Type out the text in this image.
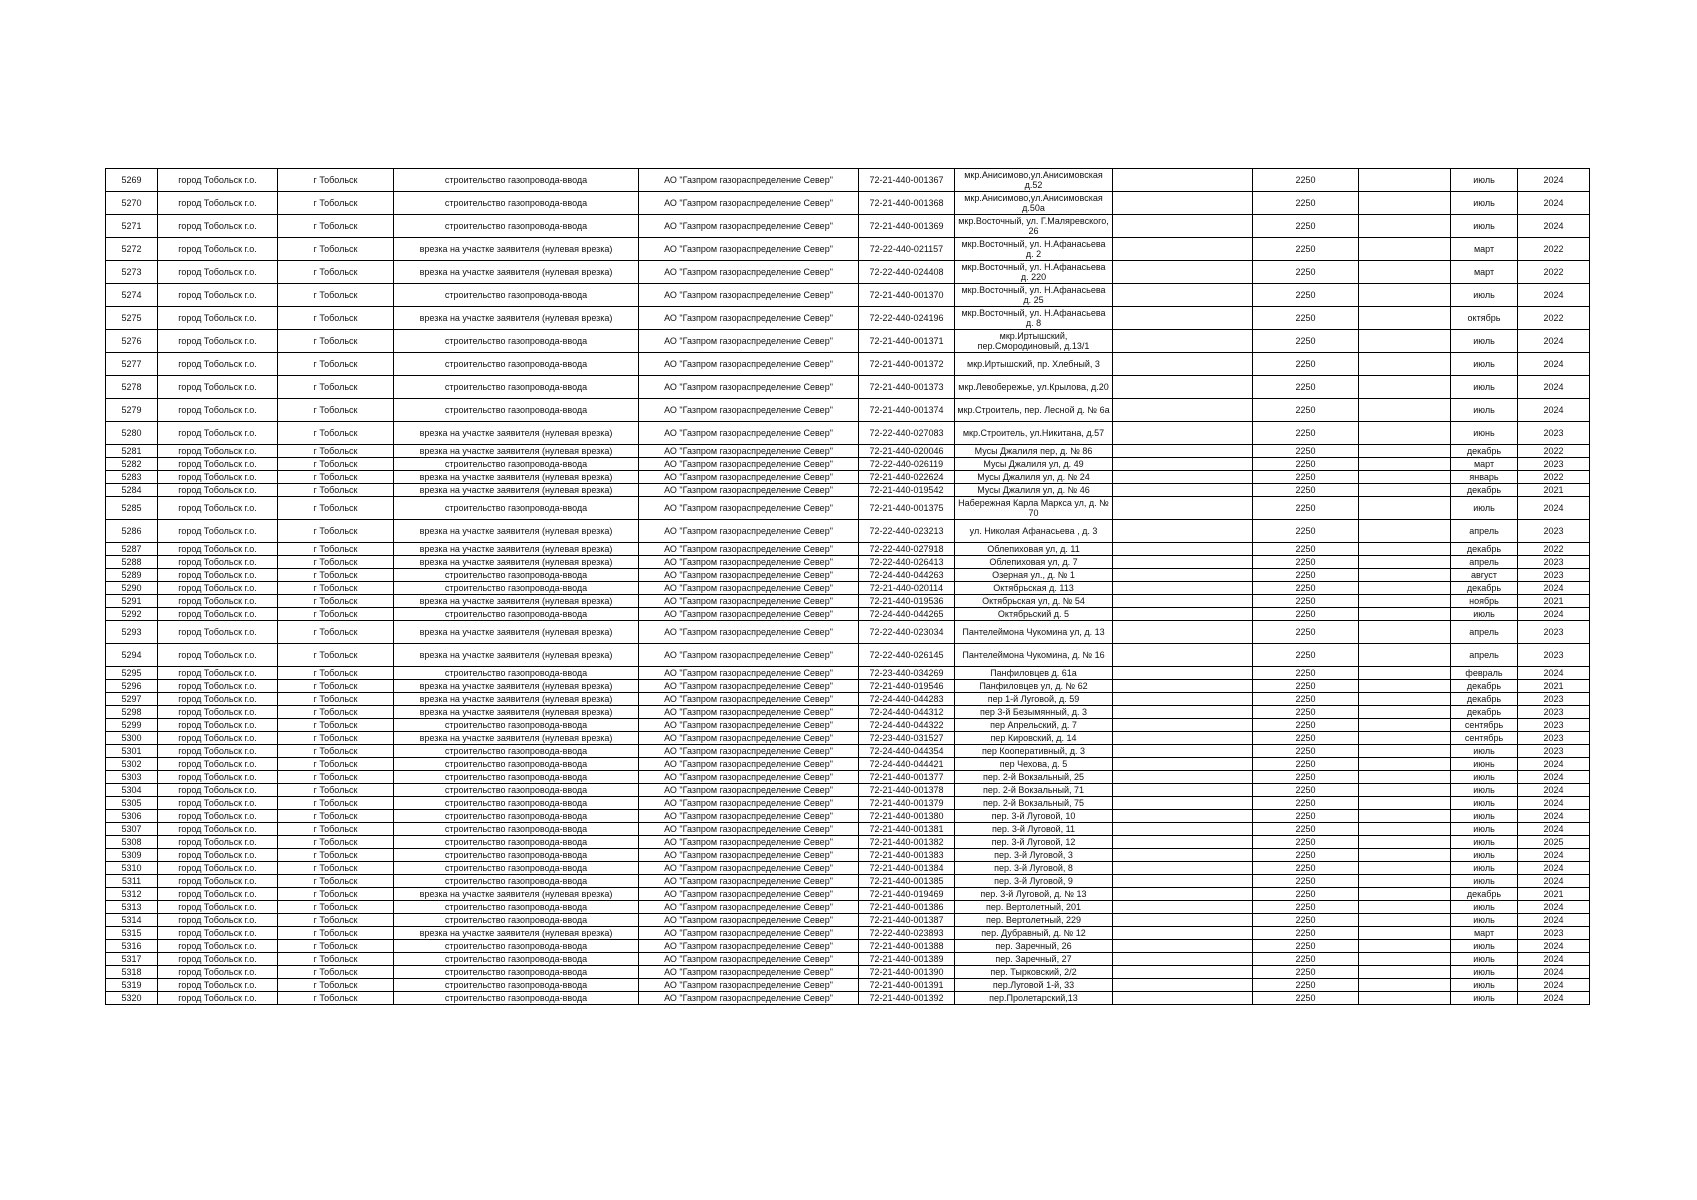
5269	город Тобольск г.о.	г Тобольск	строительство газопровода-ввода	АО "Газпром газораспределение Север"	72-21-440-001367	мкр.Анисимово,ул.Анисимовская д.52		2250		июль	2024
5270	город Тобольск г.о.	г Тобольск	строительство газопровода-ввода	АО "Газпром газораспределение Север"	72-21-440-001368	мкр.Анисимово,ул.Анисимовская д.50а		2250		июль	2024
5271	город Тобольск г.о.	г Тобольск	строительство газопровода-ввода	АО "Газпром газораспределение Север"	72-21-440-001369	мкр.Восточный, ул. Г.Малярeвского, 26		2250		июль	2024
5272	город Тобольск г.о.	г Тобольск	врезка на участке заявителя (нулевая врезка)	АО "Газпром газораспределение Север"	72-22-440-021157	мкр.Восточный, ул. Н.Афанасьева д. 2		2250		март	2022
5273	город Тобольск г.о.	г Тобольск	врезка на участке заявителя (нулевая врезка)	АО "Газпром газораспределение Север"	72-22-440-024408	мкр.Восточный, ул. Н.Афанасьева д. 220		2250		март	2022
5274	город Тобольск г.о.	г Тобольск	строительство газопровода-ввода	АО "Газпром газораспределение Север"	72-21-440-001370	мкр.Восточный, ул. Н.Афанасьева д. 25		2250		июль	2024
5275	город Тобольск г.о.	г Тобольск	врезка на участке заявителя (нулевая врезка)	АО "Газпром газораспределение Север"	72-22-440-024196	мкр.Восточный, ул. Н.Афанасьева д. 8		2250		октябрь	2022
5276	город Тобольск г.о.	г Тобольск	строительство газопровода-ввода	АО "Газпром газораспределение Север"	72-21-440-001371	мкр.Иртышский, пер.Смородиновый, д.13/1		2250		июль	2024
5277	город Тобольск г.о.	г Тобольск	строительство газопровода-ввода	АО "Газпром газораспределение Север"	72-21-440-001372	мкр.Иртышский, пр. Хлебный, 3		2250		июль	2024
5278	город Тобольск г.о.	г Тобольск	строительство газопровода-ввода	АО "Газпром газораспределение Север"	72-21-440-001373	мкр.Левобережье, ул.Крылова, д.20		2250		июль	2024
5279	город Тобольск г.о.	г Тобольск	строительство газопровода-ввода	АО "Газпром газораспределение Север"	72-21-440-001374	мкр.Строитель, пер. Лесной д. № 6а		2250		июль	2024
5280	город Тобольск г.о.	г Тобольск	врезка на участке заявителя (нулевая врезка)	АО "Газпром газораспределение Север"	72-22-440-027083	мкр.Строитель, ул.Никитана, д.57		2250		июнь	2023
5281	город Тобольск г.о.	г Тобольск	врезка на участке заявителя (нулевая врезка)	АО "Газпром газораспределение Север"	72-21-440-020046	Мусы Джалиля пер, д. № 86		2250		декабрь	2022
5282	город Тобольск г.о.	г Тобольск	строительство газопровода-ввода	АО "Газпром газораспределение Север"	72-22-440-026119	Мусы Джалиля ул, д. 49		2250		март	2023
5283	город Тобольск г.о.	г Тобольск	врезка на участке заявителя (нулевая врезка)	АО "Газпром газораспределение Север"	72-21-440-022624	Мусы Джалиля ул, д. № 24		2250		январь	2022
5284	город Тобольск г.о.	г Тобольск	врезка на участке заявителя (нулевая врезка)	АО "Газпром газораспределение Север"	72-21-440-019542	Мусы Джалиля ул, д. № 46		2250		декабрь	2021
5285	город Тобольск г.о.	г Тобольск	строительство газопровода-ввода	АО "Газпром газораспределение Север"	72-21-440-001375	Набережная Карла Маркса ул, д. № 70		2250		июль	2024
5286	город Тобольск г.о.	г Тобольск	врезка на участке заявителя (нулевая врезка)	АО "Газпром газораспределение Север"	72-22-440-023213	ул. Николая Афанасьева , д. 3		2250		апрель	2023
5287	город Тобольск г.о.	г Тобольск	врезка на участке заявителя (нулевая врезка)	АО "Газпром газораспределение Север"	72-22-440-027918	Облепиховая ул, д. 11		2250		декабрь	2022
5288	город Тобольск г.о.	г Тобольск	врезка на участке заявителя (нулевая врезка)	АО "Газпром газораспределение Север"	72-22-440-026413	Облепиховая ул, д. 7		2250		апрель	2023
5289	город Тобольск г.о.	г Тобольск	строительство газопровода-ввода	АО "Газпром газораспределение Север"	72-24-440-044263	Озерная ул., д. № 1		2250		август	2023
5290	город Тобольск г.о.	г Тобольск	строительство газопровода-ввода	АО "Газпром газораспределение Север"	72-21-440-020114	Октябрьская д. 113		2250		декабрь	2024
5291	город Тобольск г.о.	г Тобольск	врезка на участке заявителя (нулевая врезка)	АО "Газпром газораспределение Север"	72-21-440-019536	Октябрьская ул, д. № 54		2250		ноябрь	2021
5292	город Тобольск г.о.	г Тобольск	строительство газопровода-ввода	АО "Газпром газораспределение Север"	72-24-440-044265	Октябрьский д. 5		2250		июль	2024
5293	город Тобольск г.о.	г Тобольск	врезка на участке заявителя (нулевая врезка)	АО "Газпром газораспределение Север"	72-22-440-023034	Пантелеймона Чукомина ул, д. 13		2250		апрель	2023
5294	город Тобольск г.о.	г Тобольск	врезка на участке заявителя (нулевая врезка)	АО "Газпром газораспределение Север"	72-22-440-026145	Пантелеймона Чукомина, д. № 16		2250		апрель	2023
5295	город Тобольск г.о.	г Тобольск	строительство газопровода-ввода	АО "Газпром газораспределение Север"	72-23-440-034269	Панфиловцев д. 61а		2250		февраль	2024
5296	город Тобольск г.о.	г Тобольск	врезка на участке заявителя (нулевая врезка)	АО "Газпром газораспределение Север"	72-21-440-019546	Панфиловцев ул, д. № 62		2250		декабрь	2021
5297	город Тобольск г.о.	г Тобольск	врезка на участке заявителя (нулевая врезка)	АО "Газпром газораспределение Север"	72-24-440-044283	пер 1-й Луговой, д. 59		2250		декабрь	2023
5298	город Тобольск г.о.	г Тобольск	врезка на участке заявителя (нулевая врезка)	АО "Газпром газораспределение Север"	72-24-440-044312	пер 3-й Безымянный, д. 3		2250		декабрь	2023
5299	город Тобольск г.о.	г Тобольск	строительство газопровода-ввода	АО "Газпром газораспределение Север"	72-24-440-044322	пер Апрельский, д. 7		2250		сентябрь	2023
5300	город Тобольск г.о.	г Тобольск	врезка на участке заявителя (нулевая врезка)	АО "Газпром газораспределение Север"	72-23-440-031527	пер Кировский, д. 14		2250		сентябрь	2023
5301	город Тобольск г.о.	г Тобольск	строительство газопровода-ввода	АО "Газпром газораспределение Север"	72-24-440-044354	пер Кооперативный, д. 3		2250		июль	2023
5302	город Тобольск г.о.	г Тобольск	строительство газопровода-ввода	АО "Газпром газораспределение Север"	72-24-440-044421	пер Чехова, д. 5		2250		июнь	2024
5303	город Тобольск г.о.	г Тобольск	строительство газопровода-ввода	АО "Газпром газораспределение Север"	72-21-440-001377	пер. 2-й Вокзальный, 25		2250		июль	2024
5304	город Тобольск г.о.	г Тобольск	строительство газопровода-ввода	АО "Газпром газораспределение Север"	72-21-440-001378	пер. 2-й Вокзальный, 71		2250		июль	2024
5305	город Тобольск г.о.	г Тобольск	строительство газопровода-ввода	АО "Газпром газораспределение Север"	72-21-440-001379	пер. 2-й Вокзальный, 75		2250		июль	2024
5306	город Тобольск г.о.	г Тобольск	строительство газопровода-ввода	АО "Газпром газораспределение Север"	72-21-440-001380	пер. 3-й Луговой, 10		2250		июль	2024
5307	город Тобольск г.о.	г Тобольск	строительство газопровода-ввода	АО "Газпром газораспределение Север"	72-21-440-001381	пер. 3-й Луговой, 11		2250		июль	2024
5308	город Тобольск г.о.	г Тобольск	строительство газопровода-ввода	АО "Газпром газораспределение Север"	72-21-440-001382	пер. 3-й Луговой, 12		2250		июль	2025
5309	город Тобольск г.о.	г Тобольск	строительство газопровода-ввода	АО "Газпром газораспределение Север"	72-21-440-001383	пер. 3-й Луговой, 3		2250		июль	2024
5310	город Тобольск г.о.	г Тобольск	строительство газопровода-ввода	АО "Газпром газораспределение Север"	72-21-440-001384	пер. 3-й Луговой, 8		2250		июль	2024
5311	город Тобольск г.о.	г Тобольск	строительство газопровода-ввода	АО "Газпром газораспределение Север"	72-21-440-001385	пер. 3-й Луговой, 9		2250		июль	2024
5312	город Тобольск г.о.	г Тобольск	врезка на участке заявителя (нулевая врезка)	АО "Газпром газораспределение Север"	72-21-440-019469	пер. 3-й Луговой, д. № 13		2250		декабрь	2021
5313	город Тобольск г.о.	г Тобольск	строительство газопровода-ввода	АО "Газпром газораспределение Север"	72-21-440-001386	пер. Вертолетный, 201		2250		июль	2024
5314	город Тобольск г.о.	г Тобольск	строительство газопровода-ввода	АО "Газпром газораспределение Север"	72-21-440-001387	пер. Вертолетный, 229		2250		июль	2024
5315	город Тобольск г.о.	г Тобольск	врезка на участке заявителя (нулевая врезка)	АО "Газпром газораспределение Север"	72-22-440-023893	пер. Дубравный, д. № 12		2250		март	2023
5316	город Тобольск г.о.	г Тобольск	строительство газопровода-ввода	АО "Газпром газораспределение Север"	72-21-440-001388	пер. Заречный, 26		2250		июль	2024
5317	город Тобольск г.о.	г Тобольск	строительство газопровода-ввода	АО "Газпром газораспределение Север"	72-21-440-001389	пер. Заречный, 27		2250		июль	2024
5318	город Тобольск г.о.	г Тобольск	строительство газопровода-ввода	АО "Газпром газораспределение Север"	72-21-440-001390	пер. Тырковский, 2/2		2250		июль	2024
5319	город Тобольск г.о.	г Тобольск	строительство газопровода-ввода	АО "Газпром газораспределение Север"	72-21-440-001391	пер.Луговой 1-й, 33		2250		июль	2024
5320	город Тобольск г.о.	г Тобольск	строительство газопровода-ввода	АО "Газпром газораспределение Север"	72-21-440-001392	пер.Пролетарский,13		2250		июль	2024
